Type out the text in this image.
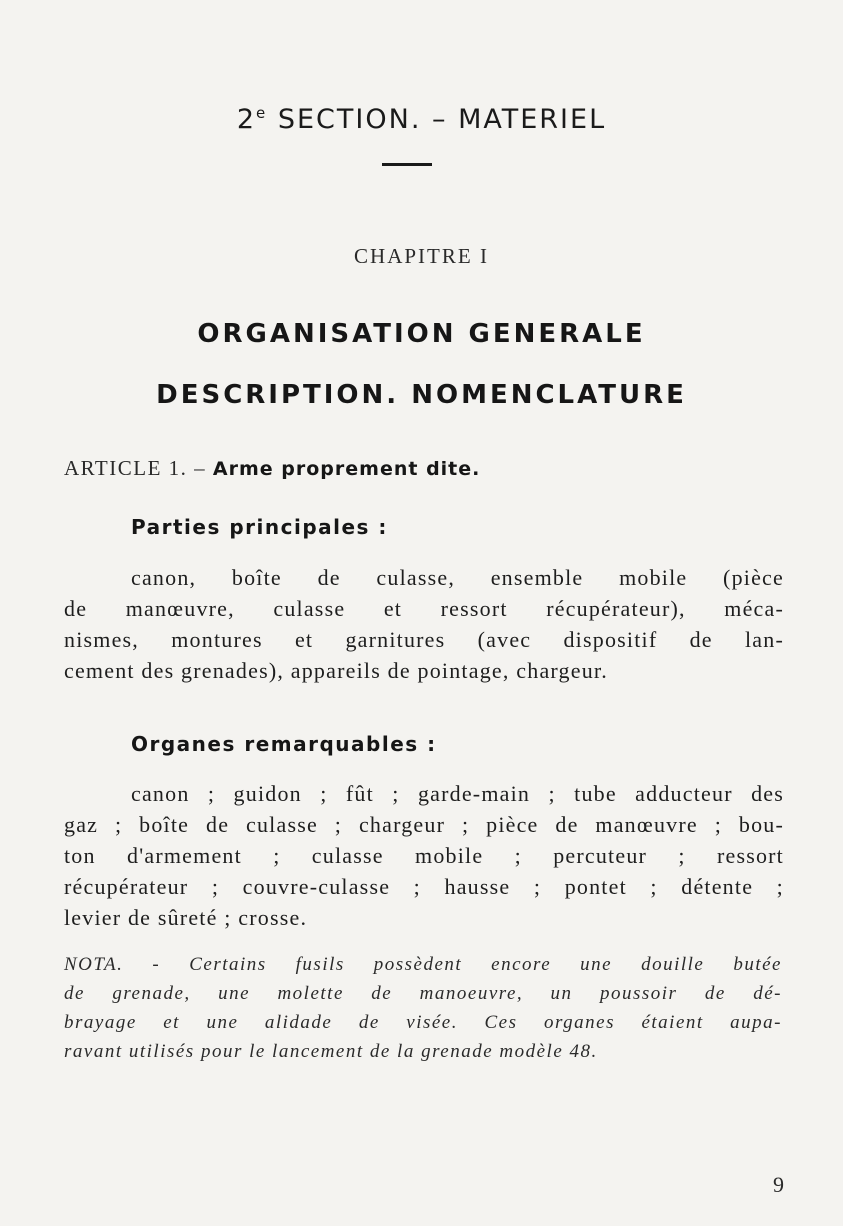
2e SECTION. – MATERIEL
CHAPITRE I
ORGANISATION GENERALE
DESCRIPTION. NOMENCLATURE
ARTICLE 1. – Arme proprement dite.
Parties principales :
canon, boîte de culasse, ensemble mobile (pièce
de manœuvre, culasse et ressort récupérateur), méca-
nismes, montures et garnitures (avec dispositif de lan-
cement des grenades), appareils de pointage, chargeur.
Organes remarquables :
canon ; guidon ; fût ; garde-main ; tube adducteur des
gaz ; boîte de culasse ; chargeur ; pièce de manœuvre ; bou-
ton d'armement ; culasse mobile ; percuteur ; ressort
récupérateur ; couvre-culasse ; hausse ; pontet ; détente ;
levier de sûreté ; crosse.
NOTA. - Certains fusils possèdent encore une douille butée
de grenade, une molette de manoeuvre, un poussoir de dé-
brayage et une alidade de visée. Ces organes étaient aupa-
ravant utilisés pour le lancement de la grenade modèle 48.
9
